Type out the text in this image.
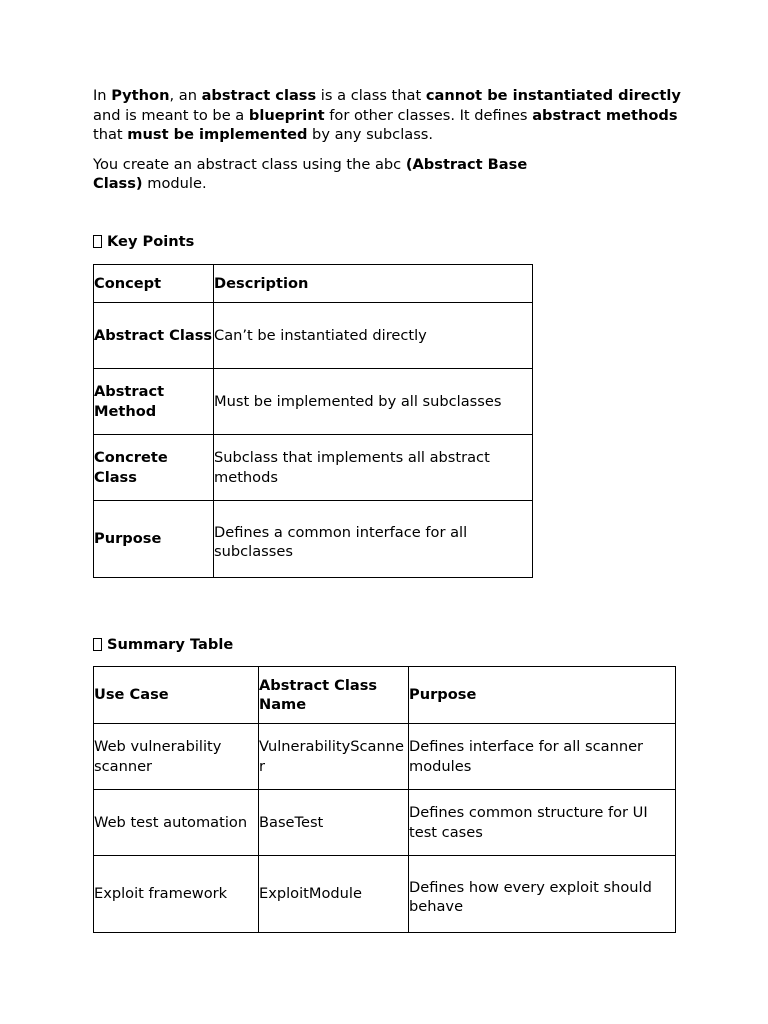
In Python, an abstract class is a class that cannot be instantiated directly and is meant to be a blueprint for other classes. It defines abstract methods that must be implemented by any subclass.

You create an abstract class using the abc (Abstract Base Class) module.

Key Points
Concept	Description
Abstract Class	Can’t be instantiated directly
Abstract Method	Must be implemented by all subclasses
Concrete Class	Subclass that implements all abstract methods
Purpose	Defines a common interface for all subclasses
Summary Table
Use Case	Abstract Class Name	Purpose
Web vulnerability scanner	VulnerabilityScanner	Defines interface for all scanner modules
Web test automation	BaseTest	Defines common structure for UI test cases
Exploit framework	ExploitModule	Defines how every exploit should behave
